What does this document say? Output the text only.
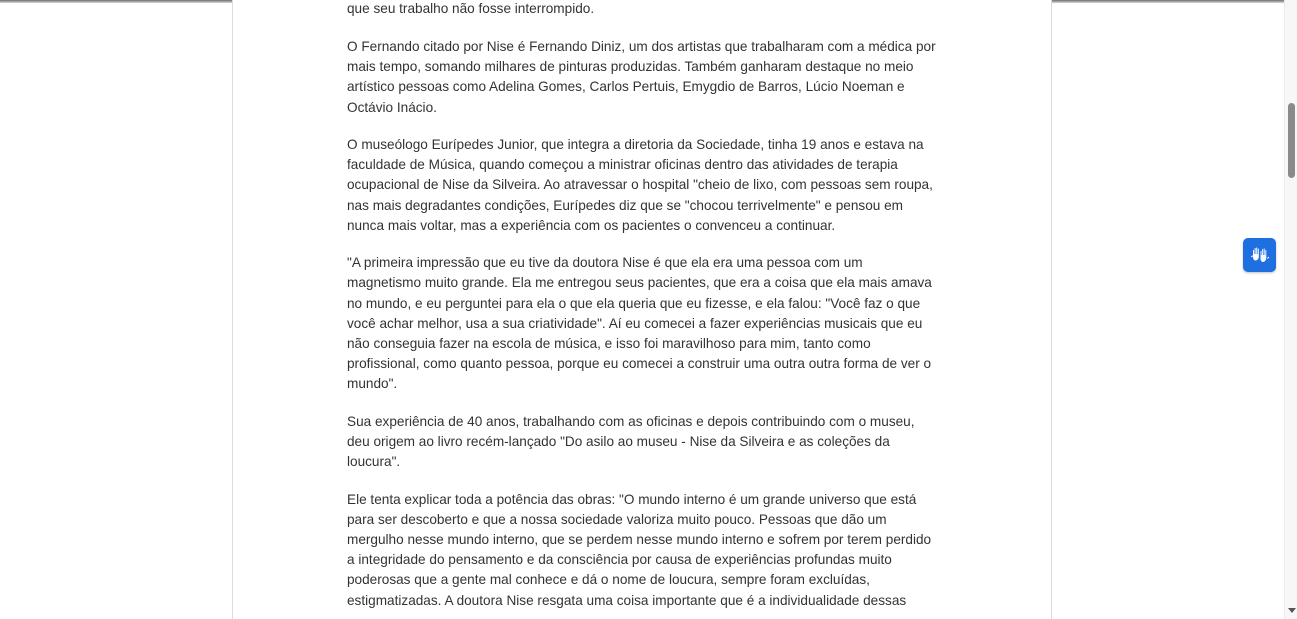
que seu trabalho não fosse interrompido.

O Fernando citado por Nise é Fernando Diniz, um dos artistas que trabalharam com a médica por mais tempo, somando milhares de pinturas produzidas. Também ganharam destaque no meio artístico pessoas como Adelina Gomes, Carlos Pertuis, Emygdio de Barros, Lúcio Noeman e Octávio Inácio.

O museólogo Eurípedes Junior, que integra a diretoria da Sociedade, tinha 19 anos e estava na faculdade de Música, quando começou a ministrar oficinas dentro das atividades de terapia ocupacional de Nise da Silveira. Ao atravessar o hospital "cheio de lixo, com pessoas sem roupa, nas mais degradantes condições, Eurípedes diz que se "chocou terrivelmente" e pensou em nunca mais voltar, mas a experiência com os pacientes o convenceu a continuar.

"A primeira impressão que eu tive da doutora Nise é que ela era uma pessoa com um magnetismo muito grande. Ela me entregou seus pacientes, que era a coisa que ela mais amava no mundo, e eu perguntei para ela o que ela queria que eu fizesse, e ela falou: "Você faz o que você achar melhor, usa a sua criatividade". Aí eu comecei a fazer experiências musicais que eu não conseguia fazer na escola de música, e isso foi maravilhoso para mim, tanto como profissional, como quanto pessoa, porque eu comecei a construir uma outra outra forma de ver o mundo".

Sua experiência de 40 anos, trabalhando com as oficinas e depois contribuindo com o museu, deu origem ao livro recém-lançado "Do asilo ao museu - Nise da Silveira e as coleções da loucura".

Ele tenta explicar toda a potência das obras: "O mundo interno é um grande universo que está para ser descoberto e que a nossa sociedade valoriza muito pouco. Pessoas que dão um mergulho nesse mundo interno, que se perdem nesse mundo interno e sofrem por terem perdido a integridade do pensamento e da consciência por causa de experiências profundas muito poderosas que a gente mal conhece e dá o nome de loucura, sempre foram excluídas, estigmatizadas. A doutora Nise resgata uma coisa importante que é a individualidade dessas
